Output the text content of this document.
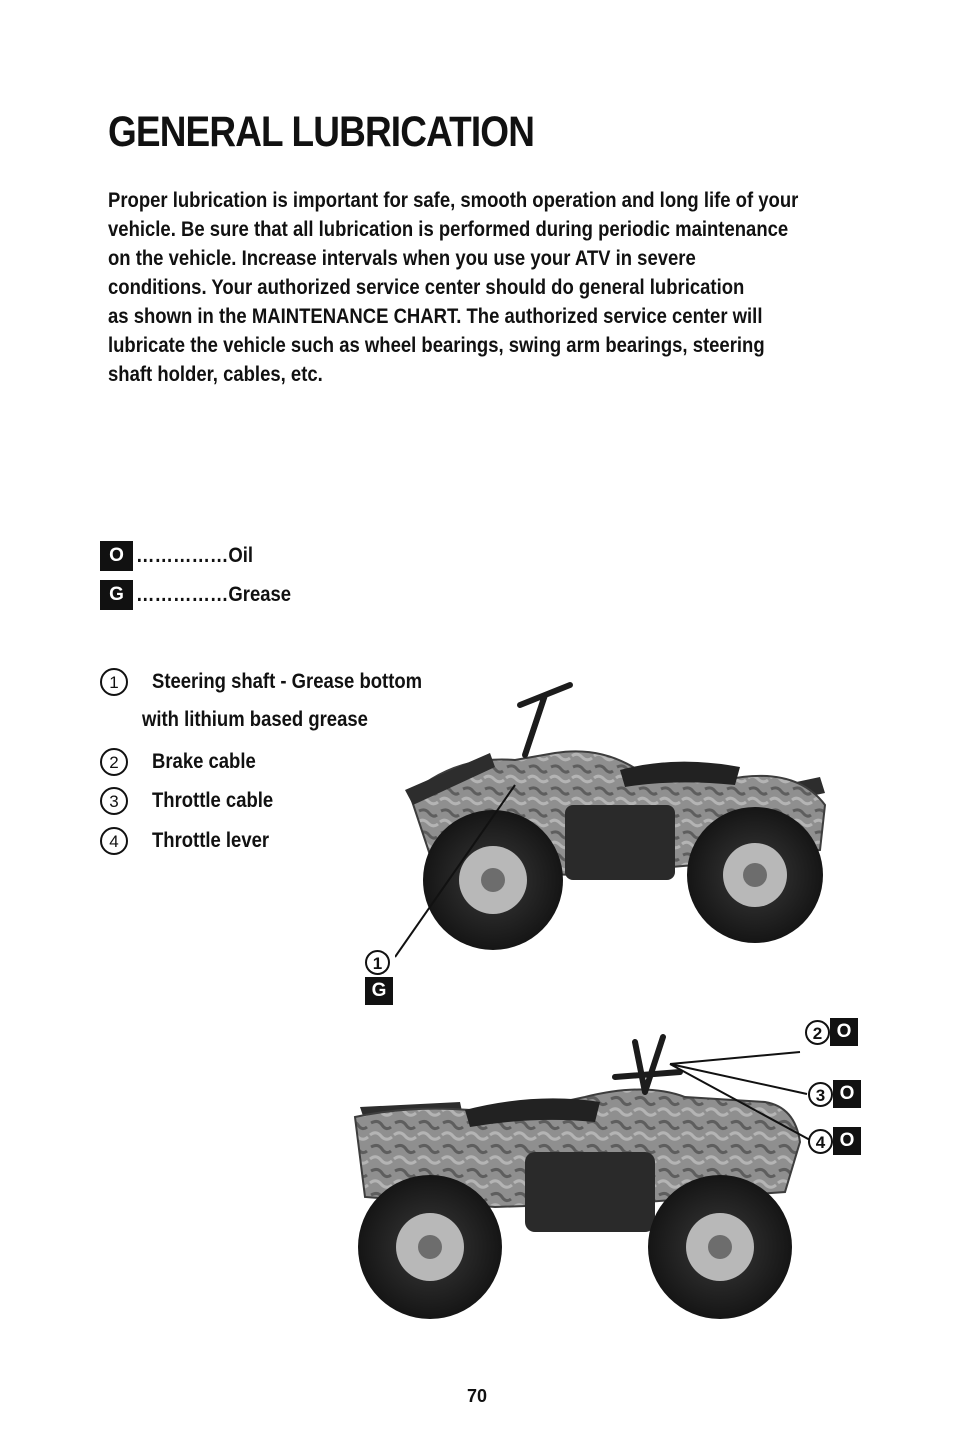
GENERAL LUBRICATION
Proper lubrication is important for safe, smooth operation and long life of your
vehicle. Be sure that all lubrication is performed during periodic maintenance
on the vehicle. Increase intervals when you use your ATV in severe
conditions. Your authorized service center should do general lubrication
as shown in the MAINTENANCE CHART. The authorized service center will
lubricate the vehicle such as wheel bearings, swing arm bearings, steering
shaft holder, cables, etc.
O ……………Oil
G ……………Grease
1	Steering shaft - Grease bottom
with lithium based grease
2	Brake cable
3	Throttle cable
4	Throttle lever
1
G
2 O
3 O
4 O
70
